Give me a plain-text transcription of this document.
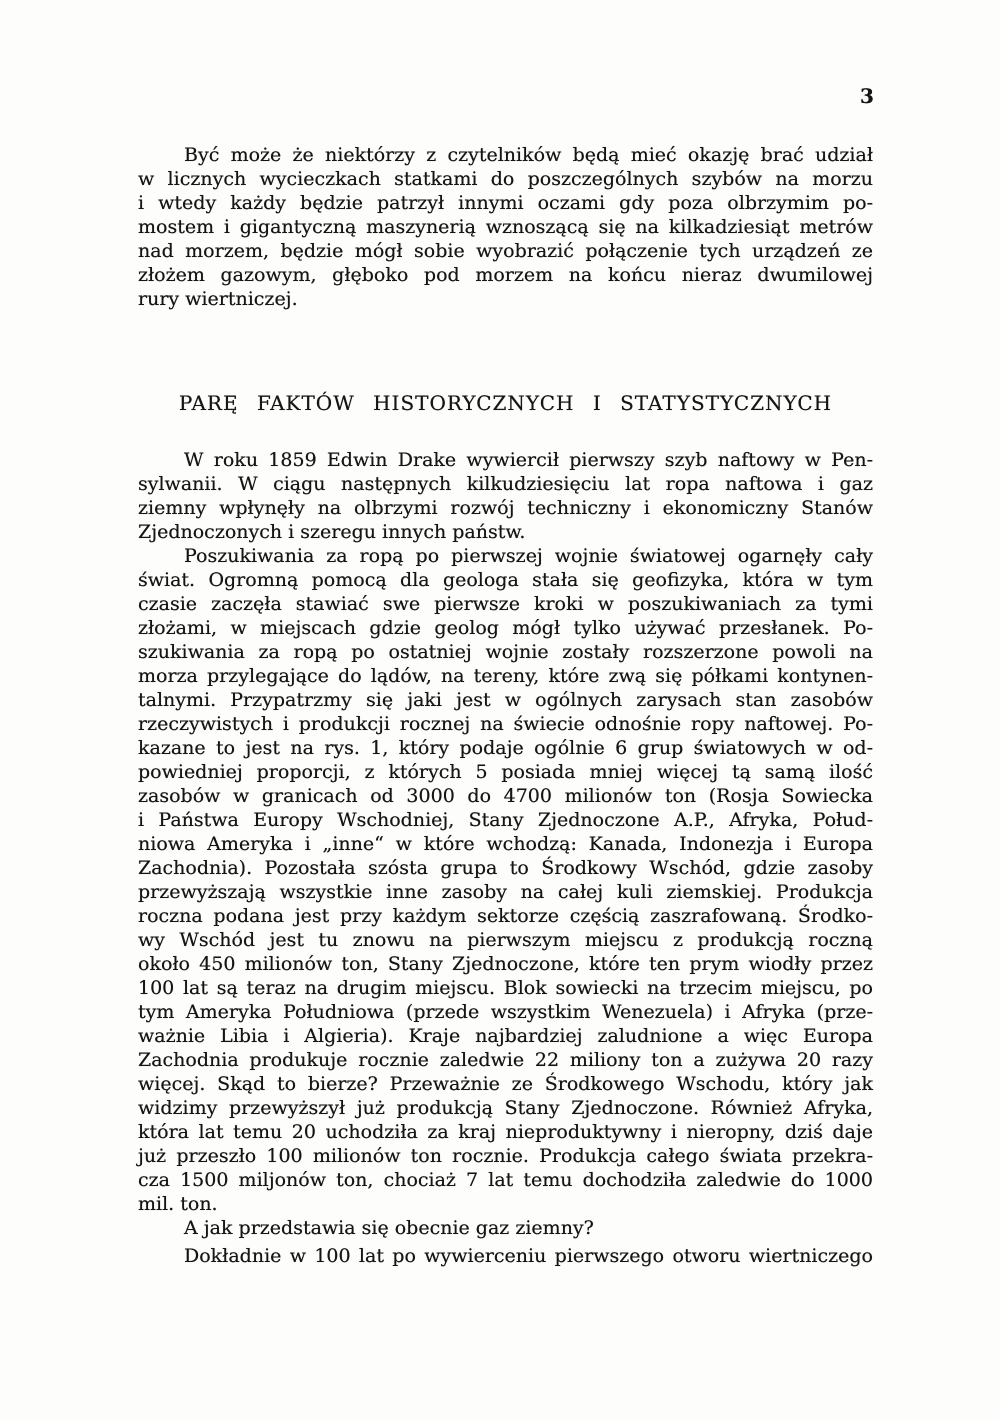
3
Być może że niektórzy z czytelników będą mieć okazję brać udział
w licznych wycieczkach statkami do poszczególnych szybów na morzu
i wtedy każdy będzie patrzył innymi oczami gdy poza olbrzymim po-
mostem i gigantyczną maszynerią wznoszącą się na kilkadziesiąt metrów
nad morzem, będzie mógł sobie wyobrazić połączenie tych urządzeń ze
złożem gazowym, głęboko pod morzem na końcu nieraz dwumilowej
rury wiertniczej.
PARĘ FAKTÓW HISTORYCZNYCH I STATYSTYCZNYCH
W roku 1859 Edwin Drake wywiercił pierwszy szyb naftowy w Pen-
sylwanii. W ciągu następnych kilkudziesięciu lat ropa naftowa i gaz
ziemny wpłynęły na olbrzymi rozwój techniczny i ekonomiczny Stanów
Zjednoczonych i szeregu innych państw.
Poszukiwania za ropą po pierwszej wojnie światowej ogarnęły cały
świat. Ogromną pomocą dla geologa stała się geofizyka, która w tym
czasie zaczęła stawiać swe pierwsze kroki w poszukiwaniach za tymi
złożami, w miejscach gdzie geolog mógł tylko używać przesłanek. Po-
szukiwania za ropą po ostatniej wojnie zostały rozszerzone powoli na
morza przylegające do lądów, na tereny, które zwą się półkami kontynen-
talnymi. Przypatrzmy się jaki jest w ogólnych zarysach stan zasobów
rzeczywistych i produkcji rocznej na świecie odnośnie ropy naftowej. Po-
kazane to jest na rys. 1, który podaje ogólnie 6 grup światowych w od-
powiedniej proporcji, z których 5 posiada mniej więcej tą samą ilość
zasobów w granicach od 3000 do 4700 milionów ton (Rosja Sowiecka
i Państwa Europy Wschodniej, Stany Zjednoczone A.P., Afryka, Połud-
niowa Ameryka i „inne“ w które wchodzą: Kanada, Indonezja i Europa
Zachodnia). Pozostała szósta grupa to Środkowy Wschód, gdzie zasoby
przewyższają wszystkie inne zasoby na całej kuli ziemskiej. Produkcja
roczna podana jest przy każdym sektorze częścią zaszrafowaną. Środko-
wy Wschód jest tu znowu na pierwszym miejscu z produkcją roczną
około 450 milionów ton, Stany Zjednoczone, które ten prym wiodły przez
100 lat są teraz na drugim miejscu. Blok sowiecki na trzecim miejscu, po
tym Ameryka Południowa (przede wszystkim Wenezuela) i Afryka (prze-
ważnie Libia i Algieria). Kraje najbardziej zaludnione a więc Europa
Zachodnia produkuje rocznie zaledwie 22 miliony ton a zużywa 20 razy
więcej. Skąd to bierze? Przeważnie ze Środkowego Wschodu, który jak
widzimy przewyższył już produkcją Stany Zjednoczone. Również Afryka,
która lat temu 20 uchodziła za kraj nieproduktywny i nieropny, dziś daje
już przeszło 100 milionów ton rocznie. Produkcja całego świata przekra-
cza 1500 miljonów ton, chociaż 7 lat temu dochodziła zaledwie do 1000
mil. ton.
A jak przedstawia się obecnie gaz ziemny?
Dokładnie w 100 lat po wywierceniu pierwszego otworu wiertniczego
